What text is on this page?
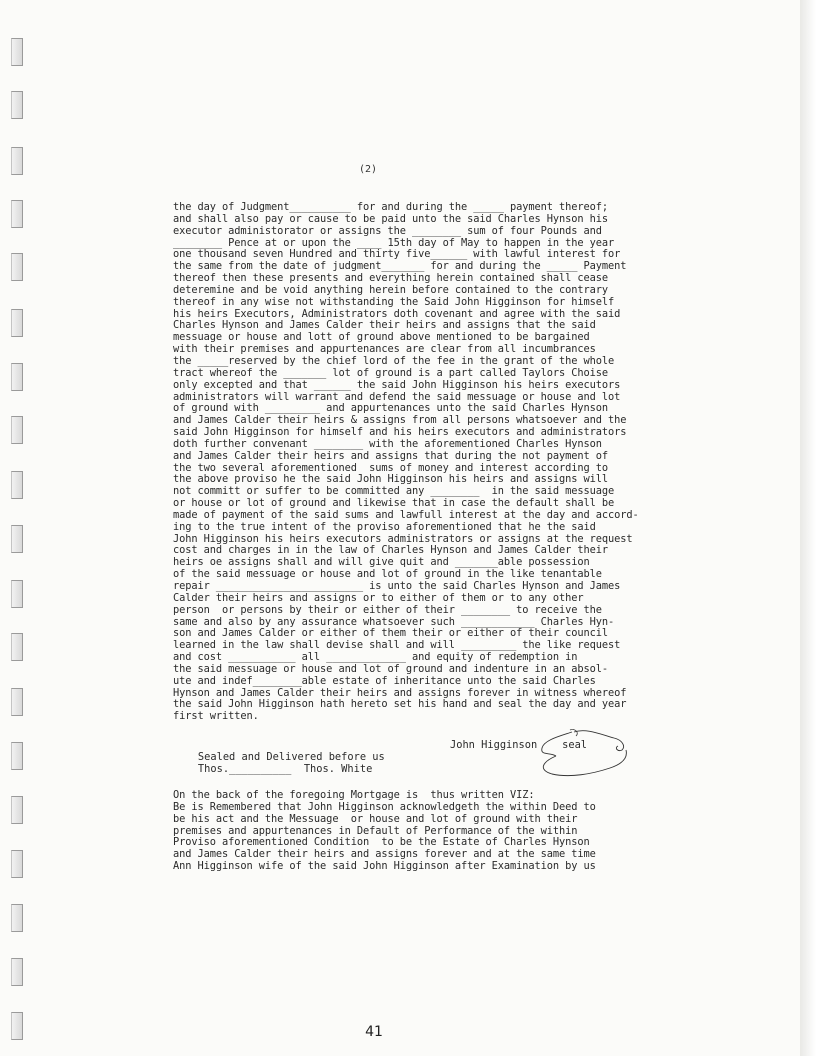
(2)
the day of Judgment__________ for and during the _____ payment thereof;
and shall also pay or cause to be paid unto the said Charles Hynson his
executor administorator or assigns the ________ sum of four Pounds and
________ Pence at or upon the ____ 15th day of May to happen in the year
one thousand seven Hundred and thirty five______ with lawful interest for
the same from the date of judgment_______ for and during the _____ Payment
thereof then these presents and everything herein contained shall cease
deteremine and be void anything herein before contained to the contrary
thereof in any wise not withstanding the Said John Higginson for himself
his heirs Executors, Administrators doth covenant and agree with the said
Charles Hynson and James Calder their heirs and assigns that the said
messuage or house and lott of ground above mentioned to be bargained
with their premises and appurtenances are clear from all incumbrances
the _____reserved by the chief lord of the fee in the grant of the whole
tract whereof the _______ lot of ground is a part called Taylors Choise
only excepted and that ______ the said John Higginson his heirs executors
administrators will warrant and defend the said messuage or house and lot
of ground with _________ and appurtenances unto the said Charles Hynson
and James Calder their heirs & assigns from all persons whatsoever and the
said John Higginson for himself and his heirs executors and administrators
doth further convenant ________ with the aforementioned Charles Hynson
and James Calder their heirs and assigns that during the not payment of
the two several aforementioned  sums of money and interest according to
the above proviso he the said John Higginson his heirs and assigns will
not committ or suffer to be committed any ________  in the said messuage
or house or lot of ground and likewise that in case the default shall be
made of payment of the said sums and lawfull interest at the day and accord-
ing to the true intent of the proviso aforementioned that he the said
John Higginson his heirs executors administrators or assigns at the request
cost and charges in in the law of Charles Hynson and James Calder their
heirs oe assigns shall and will give quit and _______able possession
of the said messuage or house and lot of ground in the like tenantable
repair ________________________ is unto the said Charles Hynson and James
Calder their heirs and assigns or to either of them or to any other
person  or persons by their or either of their ________ to receive the
same and also by any assurance whatsoever such ____________ Charles Hyn-
son and James Calder or either of them their or either of their council
learned in the law shall devise shall and will _________ the like request
and cost ___________ all _____________ and equity of redemption in
the said messuage or house and lot of ground and indenture in an absol-
ute and indef________able estate of inheritance unto the said Charles
Hynson and James Calder their heirs and assigns forever in witness whereof
the said John Higginson hath hereto set his hand and seal the day and year
first written.

Sealed and Delivered before us

John Higginson seal

Thos.__________ Thos. White

On the back of the foregoing Mortgage is  thus written VIZ:
Be is Remembered that John Higginson acknowledgeth the within Deed to
be his act and the Messuage  or house and lot of ground with their
premises and appurtenances in Default of Performance of the within
Proviso aforementioned Condition  to be the Estate of Charles Hynson
and James Calder their heirs and assigns forever and at the same time
Ann Higginson wife of the said John Higginson after Examination by us
41
